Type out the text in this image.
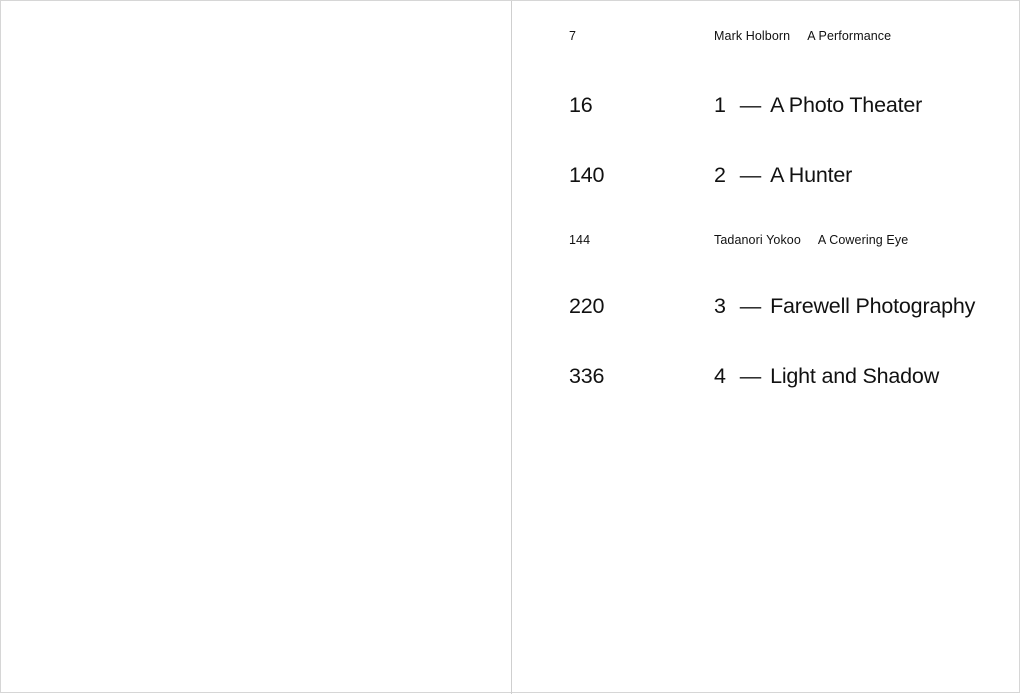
7	Mark Holborn A Performance
16	1 — A Photo Theater
140	2 — A Hunter
144	Tadanori Yokoo A Cowering Eye
220	3 — Farewell Photography
336	4 — Light and Shadow
